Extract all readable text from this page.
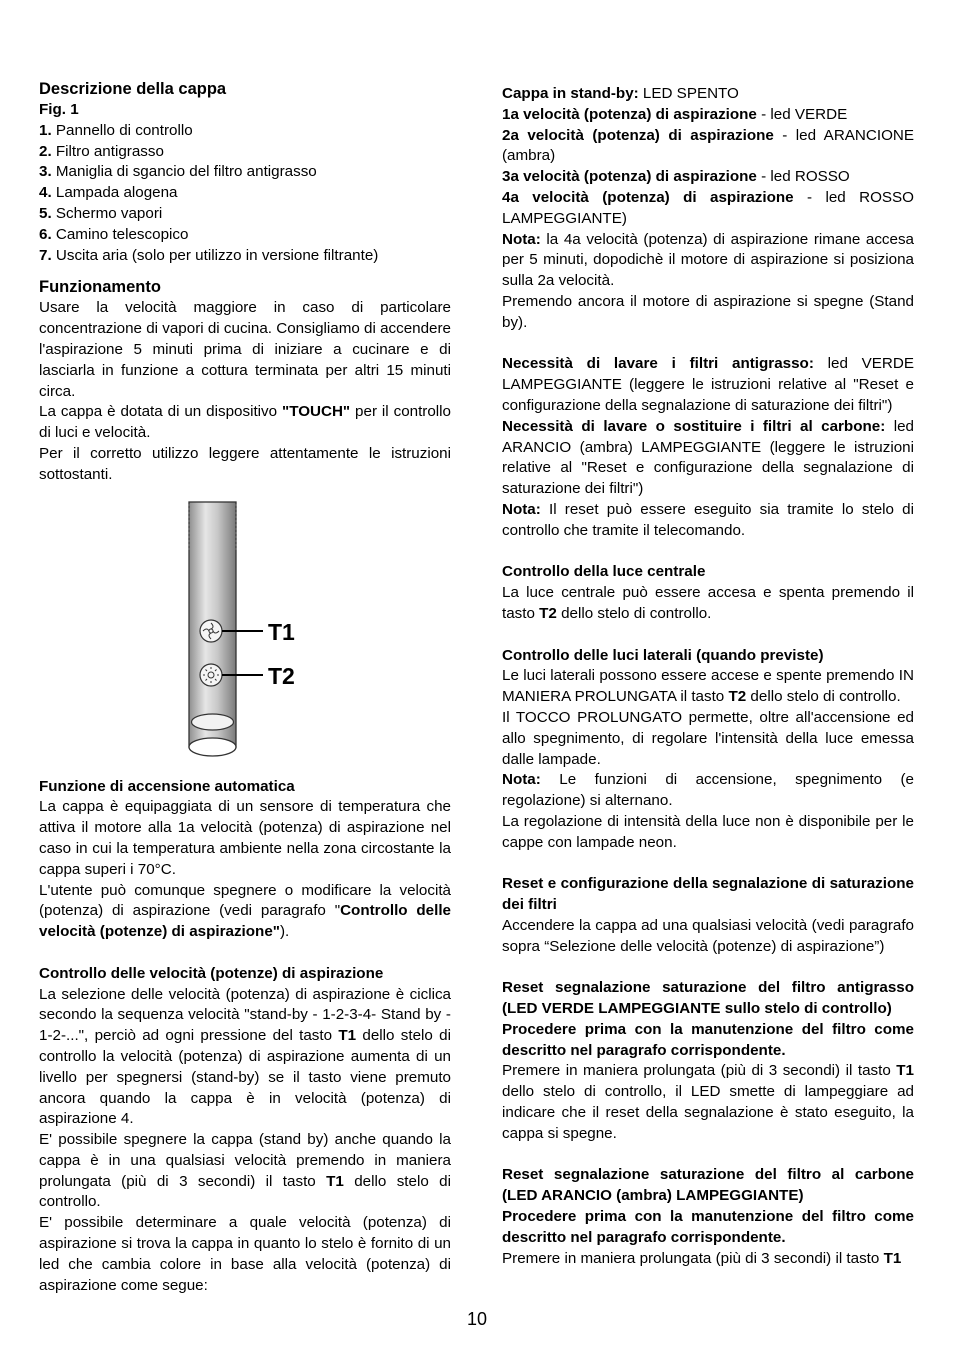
Descrizione della cappa
Fig. 1

1. Pannello di controllo

2. Filtro antigrasso

3. Maniglia di sgancio del filtro antigrasso

4. Lampada alogena

5. Schermo vapori

6. Camino telescopico

7. Uscita aria (solo per utilizzo in versione filtrante)

Funzionamento

Usare la velocità maggiore in caso di particolare concentrazione di vapori di cucina. Consigliamo di accendere l'aspirazione 5 minuti prima di iniziare a cucinare e di lasciarla in funzione a cottura terminata per altri 15 minuti circa.

La cappa è dotata di un dispositivo "TOUCH" per il controllo di luci e velocità.

Per il corretto utilizzo leggere attentamente le istruzioni sottostanti.

T1
T2
Funzione di accensione automatica

La cappa è equipaggiata di un sensore di temperatura che attiva il motore alla 1a velocità (potenza) di aspirazione nel caso in cui la temperatura ambiente nella zona circostante la cappa superi i 70°C.

L'utente può comunque spegnere o modificare la velocità (potenza) di aspirazione (vedi paragrafo "Controllo delle velocità (potenze) di aspirazione").

Controllo delle velocità (potenze) di aspirazione

La selezione delle velocità (potenza) di aspirazione è ciclica secondo la sequenza velocità "stand-by - 1-2-3-4- Stand by - 1-2-...", perciò ad ogni pressione del tasto T1 dello stelo di controllo la velocità (potenza) di aspirazione aumenta di un livello per spegnersi (stand-by) se il tasto viene premuto ancora quando la cappa è in velocità (potenza) di aspirazione 4.

E' possibile spegnere la cappa (stand by) anche quando la cappa è in una qualsiasi velocità premendo in maniera prolungata (più di 3 secondi) il tasto T1 dello stelo di controllo.

E' possibile determinare a quale velocità (potenza) di aspirazione si trova la cappa in quanto lo stelo è fornito di un led che cambia colore in base alla velocità (potenza) di aspirazione come segue:

Cappa in stand-by: LED SPENTO

1a velocità (potenza) di aspirazione - led VERDE

2a velocità (potenza) di aspirazione - led ARANCIONE (ambra)

3a velocità (potenza) di aspirazione - led ROSSO

4a velocità (potenza) di aspirazione - led ROSSO LAMPEGGIANTE)

Nota: la 4a velocità (potenza) di aspirazione rimane accesa per 5 minuti, dopodichè il motore di aspirazione si posiziona sulla 2a velocità.

Premendo ancora il motore di aspirazione si spegne (Stand by).

Necessità di lavare i filtri antigrasso: led VERDE LAMPEGGIANTE (leggere le istruzioni relative al "Reset e configurazione della segnalazione di saturazione dei filtri")

Necessità di lavare o sostituire i filtri al carbone: led ARANCIO (ambra) LAMPEGGIANTE (leggere le istruzioni relative al "Reset e configurazione della segnalazione di saturazione dei filtri")

Nota: Il reset può essere eseguito sia tramite lo stelo di controllo che tramite il telecomando.

Controllo della luce centrale

La luce centrale può essere accesa e spenta premendo il tasto T2 dello stelo di controllo.

Controllo delle luci laterali (quando previste)

Le luci laterali possono essere accese e spente premendo IN MANIERA PROLUNGATA il tasto T2 dello stelo di controllo.

Il TOCCO PROLUNGATO permette, oltre all'accensione ed allo spegnimento, di regolare l'intensità della luce emessa dalle lampade.

Nota: Le funzioni di accensione, spegnimento (e regolazione) si alternano.

La regolazione di intensità della luce non è disponibile per le cappe con lampade neon.

Reset e configurazione della segnalazione di saturazione dei filtri

Accendere la cappa ad una qualsiasi velocità (vedi paragrafo sopra “Selezione delle velocità (potenze) di aspirazione”)

Reset segnalazione saturazione del filtro antigrasso (LED VERDE LAMPEGGIANTE sullo stelo di controllo)

Procedere prima con la manutenzione del filtro come descritto nel paragrafo corrispondente.

Premere in maniera prolungata (più di 3 secondi) il tasto T1 dello stelo di controllo, il LED smette di lampeggiare ad indicare che il reset della segnalazione è stato eseguito, la cappa si spegne.

Reset segnalazione saturazione del filtro al carbone (LED ARANCIO (ambra) LAMPEGGIANTE)

Procedere prima con la manutenzione del filtro come descritto nel paragrafo corrispondente.

Premere in maniera prolungata (più di 3 secondi) il tasto T1

10
